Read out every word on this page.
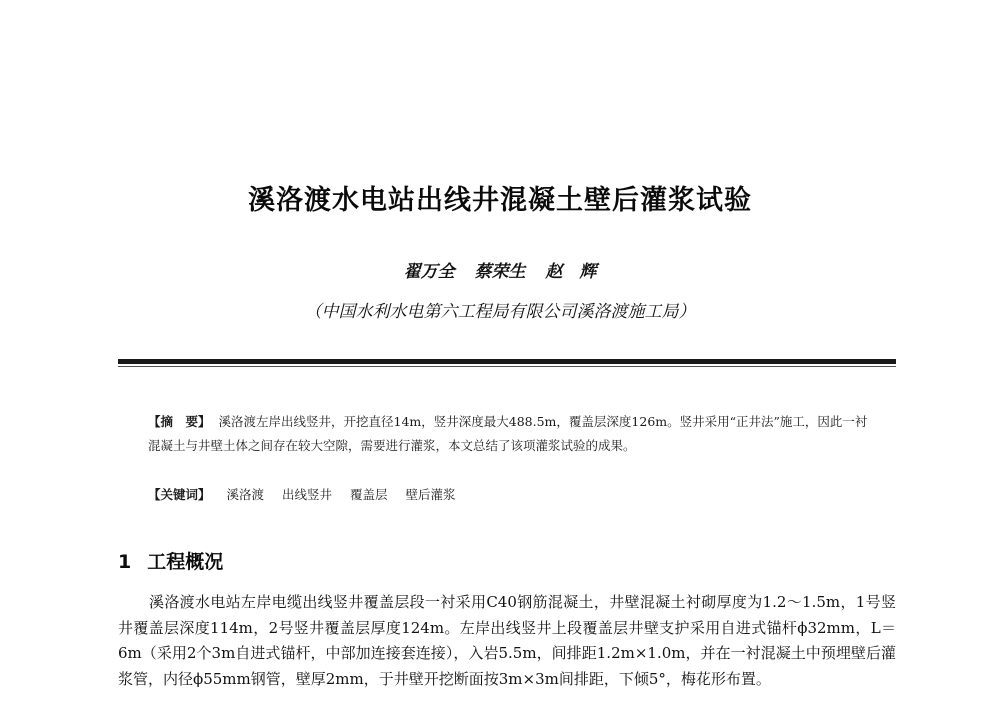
溪洛渡水电站出线井混凝土壁后灌浆试验
翟万全 蔡荣生 赵　辉
（中国水利水电第六工程局有限公司溪洛渡施工局）
【摘　要】 溪洛渡左岸出线竖井，开挖直径14m，竖井深度最大488.5m，覆盖层深度126m。竖井采用“正井法”施工，因此一衬混凝土与井壁土体之间存在较大空隙，需要进行灌浆，本文总结了该项灌浆试验的成果。
【关键词】 溪洛渡 出线竖井 覆盖层 壁后灌浆
1 工程概况
溪洛渡水电站左岸电缆出线竖井覆盖层段一衬采用C40钢筋混凝土，井壁混凝土衬砌厚度为1.2～1.5m，1号竖井覆盖层深度114m，2号竖井覆盖层厚度124m。左岸出线竖井上段覆盖层井壁支护采用自进式锚杆ϕ32mm，L＝6m（采用2个3m自进式锚杆，中部加连接套连接），入岩5.5m，间排距1.2m×1.0m，并在一衬混凝土中预埋壁后灌浆管，内径ϕ55mm钢管，壁厚2mm，于井壁开挖断面按3m×3m间排距，下倾5°，梅花形布置。
